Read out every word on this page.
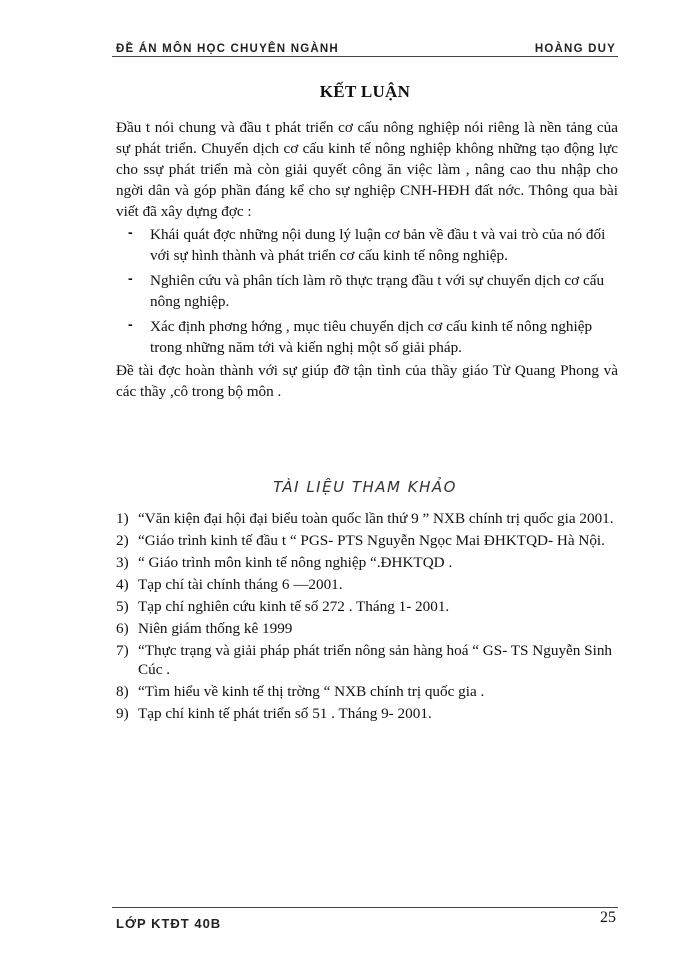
ĐỀ ÁN MÔN HỌC CHUYÊN NGÀNH	HOÀNG DUY
KẾT LUẬN

Đầu t nói chung và đầu t phát triển cơ cấu nông nghiệp nói riêng là nền tảng của sự phát triển. Chuyển dịch cơ cấu kinh tế nông nghiệp không những tạo động lực cho ssự phát triển mà còn giải quyết công ăn việc làm , nâng cao thu nhập cho ngời dân và góp phần đáng kể cho sự nghiệp CNH-HĐH đất nớc. Thông qua bài viết đã xây dựng đợc :

- Khái quát đợc những nội dung lý luận cơ bản về đầu t và vai trò của nó đối với sự hình thành và phát triển cơ cấu kinh tế nông nghiệp.
- Nghiên cứu và phân tích làm rõ thực trạng đầu t với sự chuyển dịch cơ cấu nông nghiệp.
- Xác định phơng hớng , mục tiêu chuyển dịch cơ cấu kinh tế nông nghiệp trong những năm tới và kiến nghị một số giải pháp.

Đề tài đợc hoàn thành với sự giúp đỡ tận tình của thầy giáo Từ Quang Phong và các thầy ,cô trong bộ môn .

TÀI LIỆU THAM KHẢO
1) “Văn kiện đại hội đại biểu toàn quốc lần thứ 9 ” NXB chính trị quốc gia 2001.
2) “Giáo trình kinh tế đầu t “ PGS- PTS Nguyễn Ngọc Mai ĐHKTQD- Hà Nội.
3) “ Giáo trình môn kinh tế nông nghiệp “.ĐHKTQD .
4) Tạp chí tài chính tháng 6 —2001.
5) Tạp chí nghiên cứu kinh tế số 272 . Tháng 1- 2001.
6) Niên giám thống kê 1999
7) “Thực trạng và giải pháp phát triển nông sản hàng hoá “ GS- TS Nguyễn Sinh Cúc .
8) “Tìm hiểu về kinh tế thị trờng “ NXB chính trị quốc gia .
9) Tạp chí kinh tế phát triển số 51 . Tháng 9- 2001.
LỚP KTĐT 40B	25
